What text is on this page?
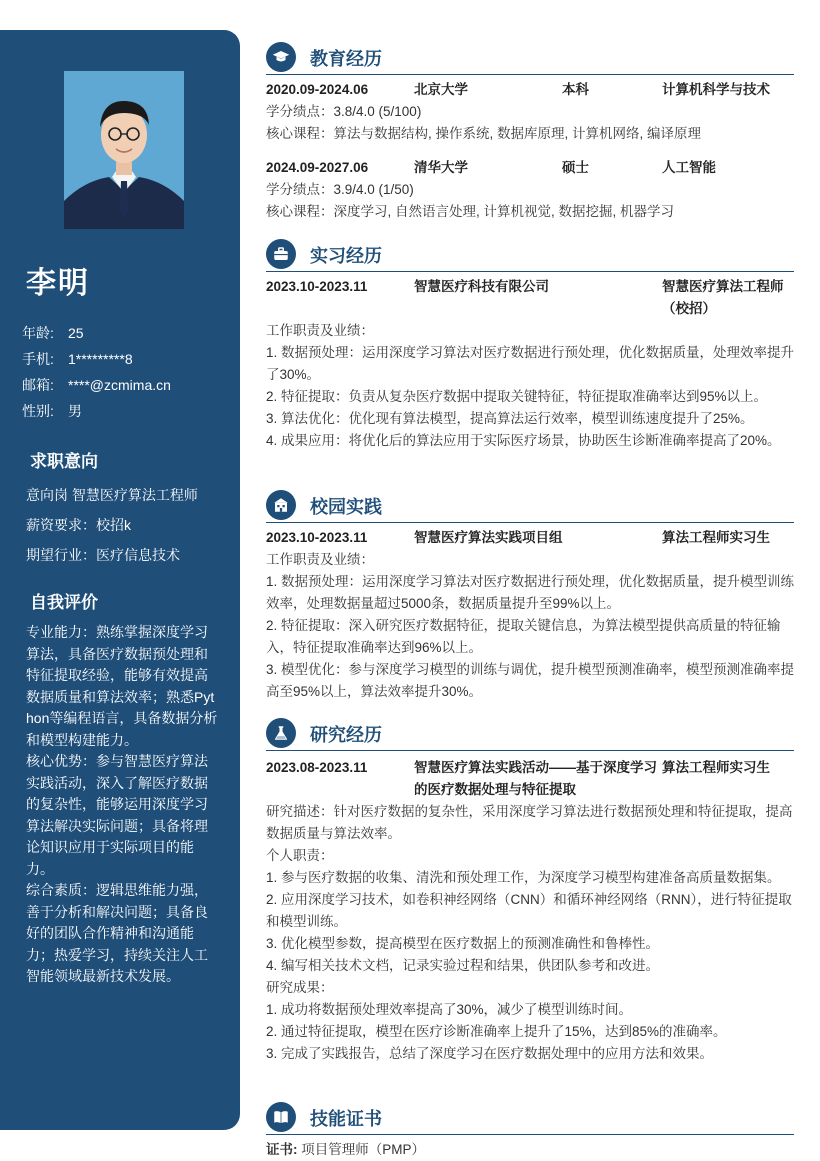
李明
年龄: 25
手机: 1*********8
邮箱: ****@zcmima.cn
性别: 男
求职意向
意向岗 智慧医疗算法工程师
薪资要求：校招k
期望行业：医疗信息技术
自我评价
专业能力：熟练掌握深度学习算法，具备医疗数据预处理和特征提取经验，能够有效提高数据质量和算法效率；熟悉Python等编程语言，具备数据分析和模型构建能力。
核心优势：参与智慧医疗算法实践活动，深入了解医疗数据的复杂性，能够运用深度学习算法解决实际问题；具备将理论知识应用于实际项目的能力。
综合素质：逻辑思维能力强，善于分析和解决问题；具备良好的团队合作精神和沟通能力；热爱学习，持续关注人工智能领域最新技术发展。
教育经历
2020.09-2024.06	北京大学	本科	计算机科学与技术
学分绩点：3.8/4.0 (5/100)
核心课程：算法与数据结构, 操作系统, 数据库原理, 计算机网络, 编译原理
2024.09-2027.06	清华大学	硕士	人工智能
学分绩点：3.9/4.0 (1/50)
核心课程：深度学习, 自然语言处理, 计算机视觉, 数据挖掘, 机器学习
实习经历
2023.10-2023.11	智慧医疗科技有限公司	智慧医疗算法工程师（校招）
工作职责及业绩：
1. 数据预处理：运用深度学习算法对医疗数据进行预处理，优化数据质量，处理效率提升了30%。
2. 特征提取：负责从复杂医疗数据中提取关键特征，特征提取准确率达到95%以上。
3. 算法优化：优化现有算法模型，提高算法运行效率，模型训练速度提升了25%。
4. 成果应用：将优化后的算法应用于实际医疗场景，协助医生诊断准确率提高了20%。
校园实践
2023.10-2023.11	智慧医疗算法实践项目组	算法工程师实习生
工作职责及业绩：
1. 数据预处理：运用深度学习算法对医疗数据进行预处理，优化数据质量，提升模型训练效率，处理数据量超过5000条，数据质量提升至99%以上。
2. 特征提取：深入研究医疗数据特征，提取关键信息，为算法模型提供高质量的特征输入，特征提取准确率达到96%以上。
3. 模型优化：参与深度学习模型的训练与调优，提升模型预测准确率，模型预测准确率提高至95%以上，算法效率提升30%。
研究经历
2023.08-2023.11	智慧医疗算法实践活动——基于深度学习的医疗数据处理与特征提取
算法工程师实习生
研究描述：针对医疗数据的复杂性，采用深度学习算法进行数据预处理和特征提取，提高数据质量与算法效率。
个人职责：
1. 参与医疗数据的收集、清洗和预处理工作，为深度学习模型构建准备高质量数据集。
2. 应用深度学习技术，如卷积神经网络（CNN）和循环神经网络（RNN），进行特征提取和模型训练。
3. 优化模型参数，提高模型在医疗数据上的预测准确性和鲁棒性。
4. 编写相关技术文档，记录实验过程和结果，供团队参考和改进。
研究成果：
1. 成功将数据预处理效率提高了30%，减少了模型训练时间。
2. 通过特征提取，模型在医疗诊断准确率上提升了15%，达到85%的准确率。
3. 完成了实践报告，总结了深度学习在医疗数据处理中的应用方法和效果。
技能证书
证书: 项目管理师（PMP）
